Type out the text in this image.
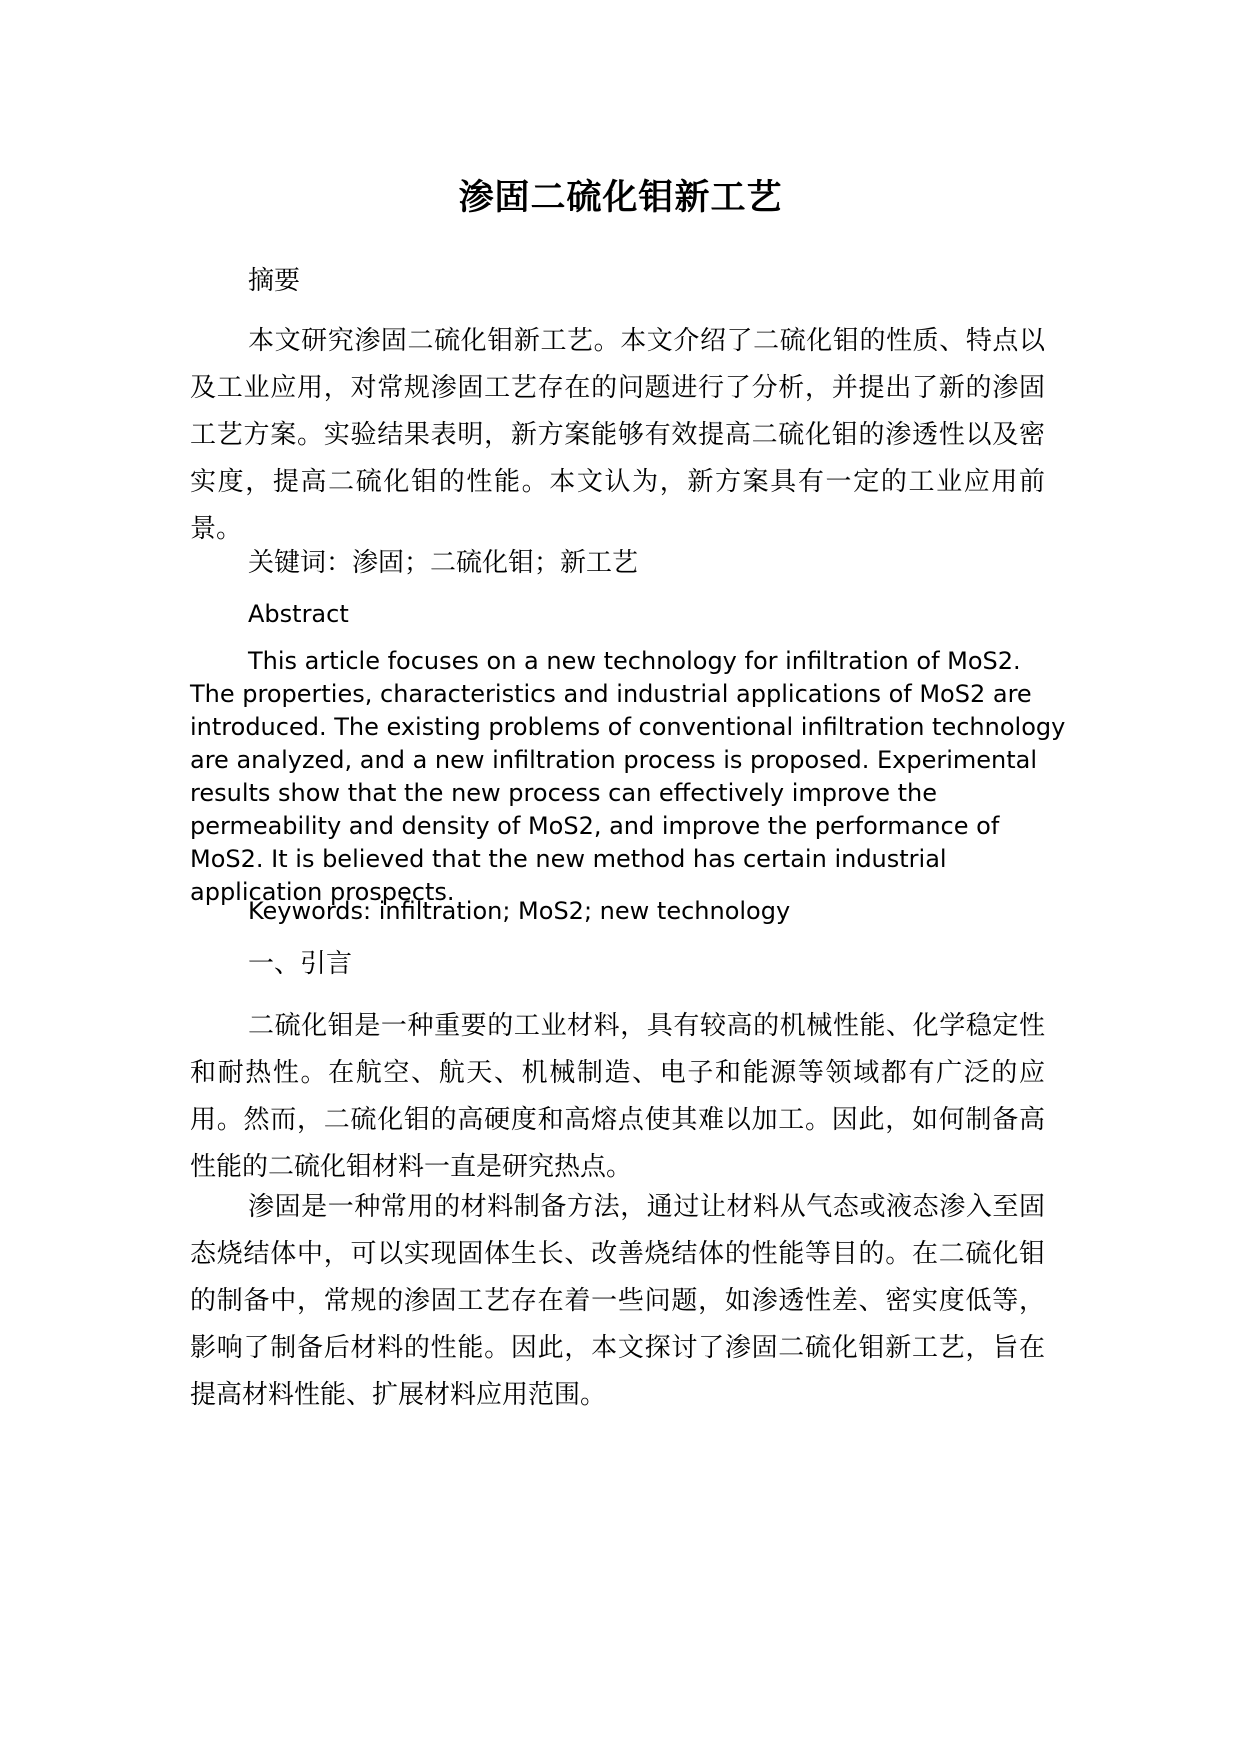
渗固二硫化钼新工艺
摘要

本文研究渗固二硫化钼新工艺。本文介绍了二硫化钼的性质、特点以及工业应用，对常规渗固工艺存在的问题进行了分析，并提出了新的渗固工艺方案。实验结果表明，新方案能够有效提高二硫化钼的渗透性以及密实度，提高二硫化钼的性能。本文认为，新方案具有一定的工业应用前景。

关键词：渗固；二硫化钼；新工艺
Abstract

This article focuses on a new technology for infiltration of MoS2. The properties, characteristics and industrial applications of MoS2 are introduced. The existing problems of conventional infiltration technology are analyzed, and a new infiltration process is proposed. Experimental results show that the new process can effectively improve the permeability and density of MoS2, and improve the performance of MoS2. It is believed that the new method has certain industrial application prospects.

Keywords: infiltration; MoS2; new technology
一、引言

二硫化钼是一种重要的工业材料，具有较高的机械性能、化学稳定性和耐热性。在航空、航天、机械制造、电子和能源等领域都有广泛的应用。然而，二硫化钼的高硬度和高熔点使其难以加工。因此，如何制备高性能的二硫化钼材料一直是研究热点。

渗固是一种常用的材料制备方法，通过让材料从气态或液态渗入至固态烧结体中，可以实现固体生长、改善烧结体的性能等目的。在二硫化钼的制备中，常规的渗固工艺存在着一些问题，如渗透性差、密实度低等，影响了制备后材料的性能。因此，本文探讨了渗固二硫化钼新工艺，旨在提高材料性能、扩展材料应用范围。
